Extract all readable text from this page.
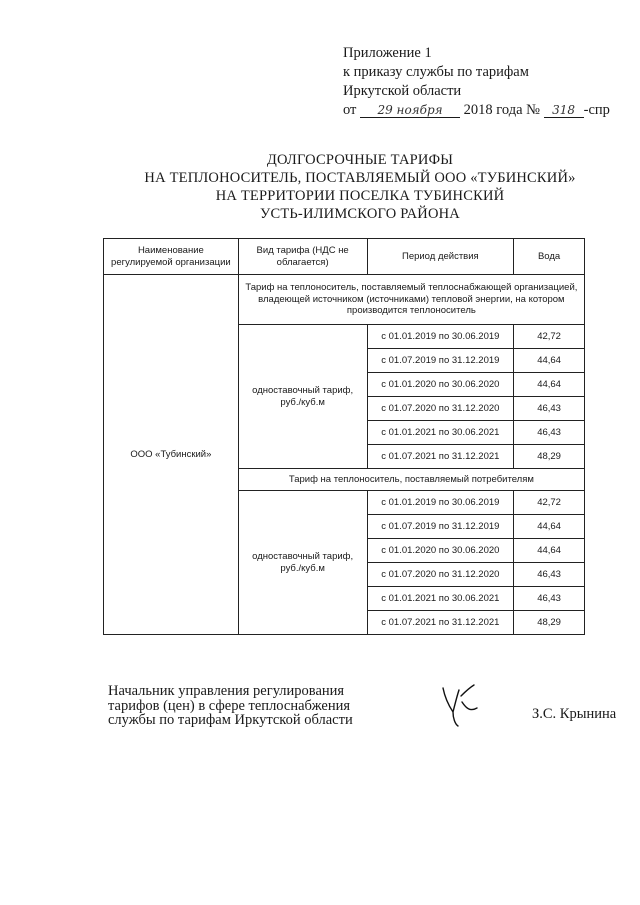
Приложение 1
к приказу службы по тарифам
Иркутской области
от 29 ноября 2018 года № 318 -спр
ДОЛГОСРОЧНЫЕ ТАРИФЫ
НА ТЕПЛОНОСИТЕЛЬ, ПОСТАВЛЯЕМЫЙ ООО «ТУБИНСКИЙ»
НА ТЕРРИТОРИИ ПОСЕЛКА ТУБИНСКИЙ
УСТЬ-ИЛИМСКОГО РАЙОНА
Наименование регулируемой организации	Вид тарифа (НДС не облагается)	Период действия	Вода
ООО «Тубинский»	Тариф на теплоноситель, поставляемый теплоснабжающей организацией, владеющей источником (источниками) тепловой энергии, на котором производится теплоноситель		
	одноставочный тариф, руб./куб.м	с 01.01.2019 по 30.06.2019	42,72
		с 01.07.2019 по 31.12.2019	44,64
		с 01.01.2020 по 30.06.2020	44,64
		с 01.07.2020 по 31.12.2020	46,43
		с 01.01.2021 по 30.06.2021	46,43
		с 01.07.2021 по 31.12.2021	48,29
	Тариф на теплоноситель, поставляемый потребителям		
	одноставочный тариф, руб./куб.м	с 01.01.2019 по 30.06.2019	42,72
		с 01.07.2019 по 31.12.2019	44,64
		с 01.01.2020 по 30.06.2020	44,64
		с 01.07.2020 по 31.12.2020	46,43
		с 01.01.2021 по 30.06.2021	46,43
		с 01.07.2021 по 31.12.2021	48,29
Начальник управления регулирования
тарифов (цен) в сфере теплоснабжения
службы по тарифам Иркутской области	З.С. Крынина
